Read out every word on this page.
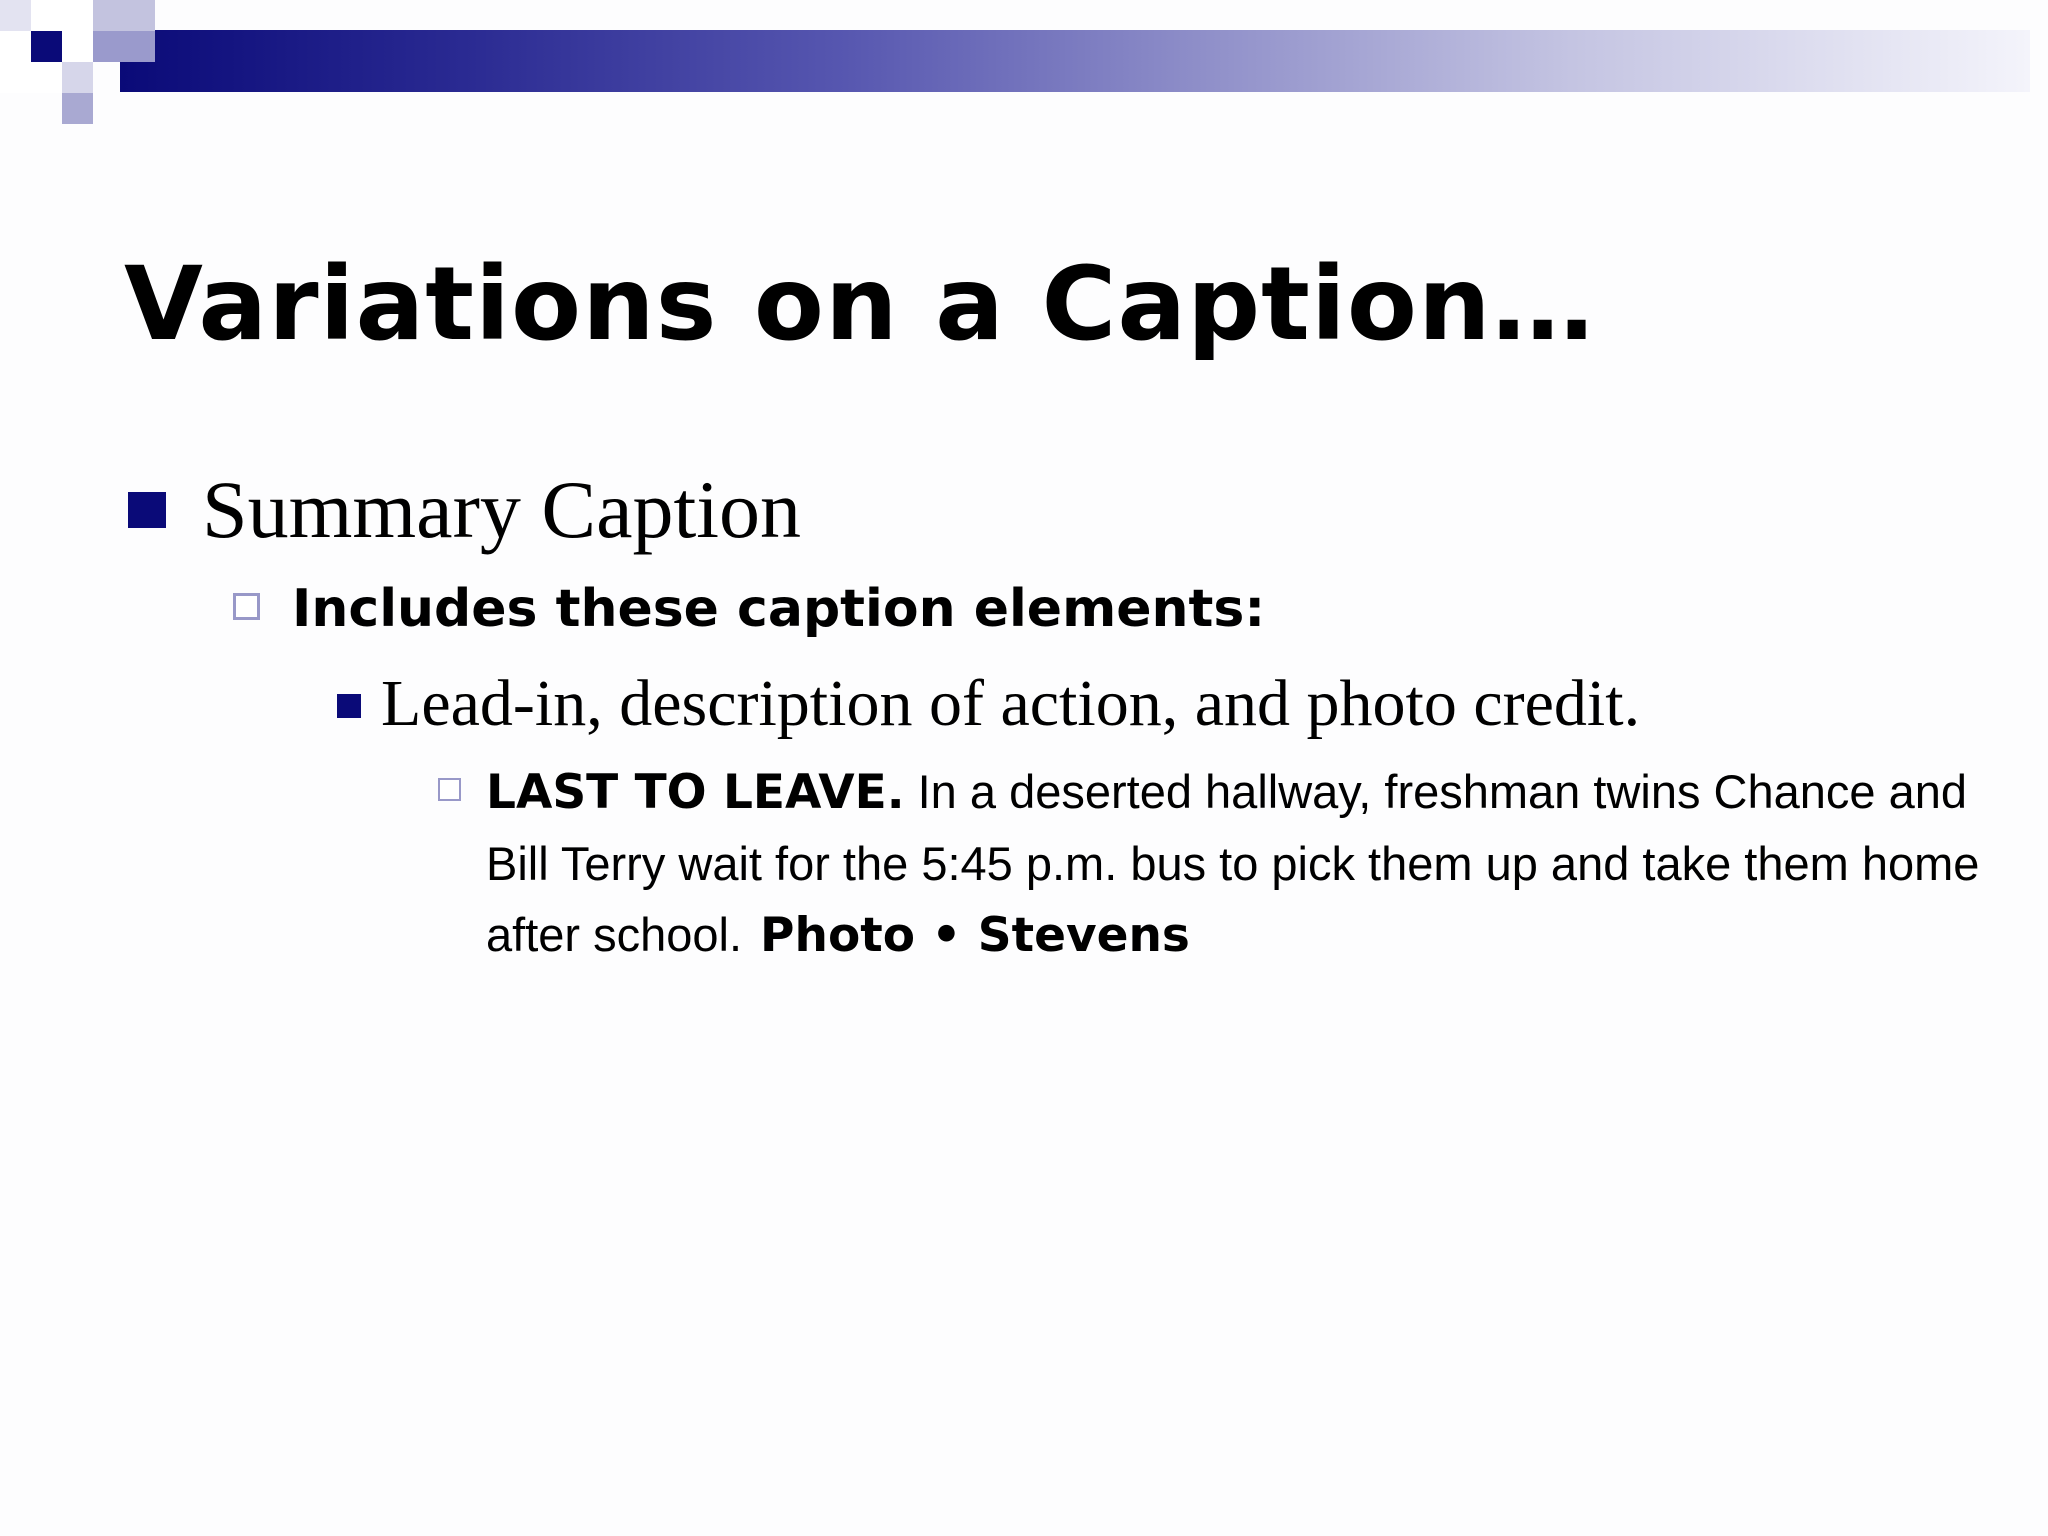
Variations on a Caption…
Summary Caption
Includes these caption elements:
Lead-in, description of action, and photo credit.
LAST TO LEAVE. In a deserted hallway, freshman twins Chance and Bill Terry wait for the 5:45 p.m. bus to pick them up and take them home after school. Photo • Stevens
